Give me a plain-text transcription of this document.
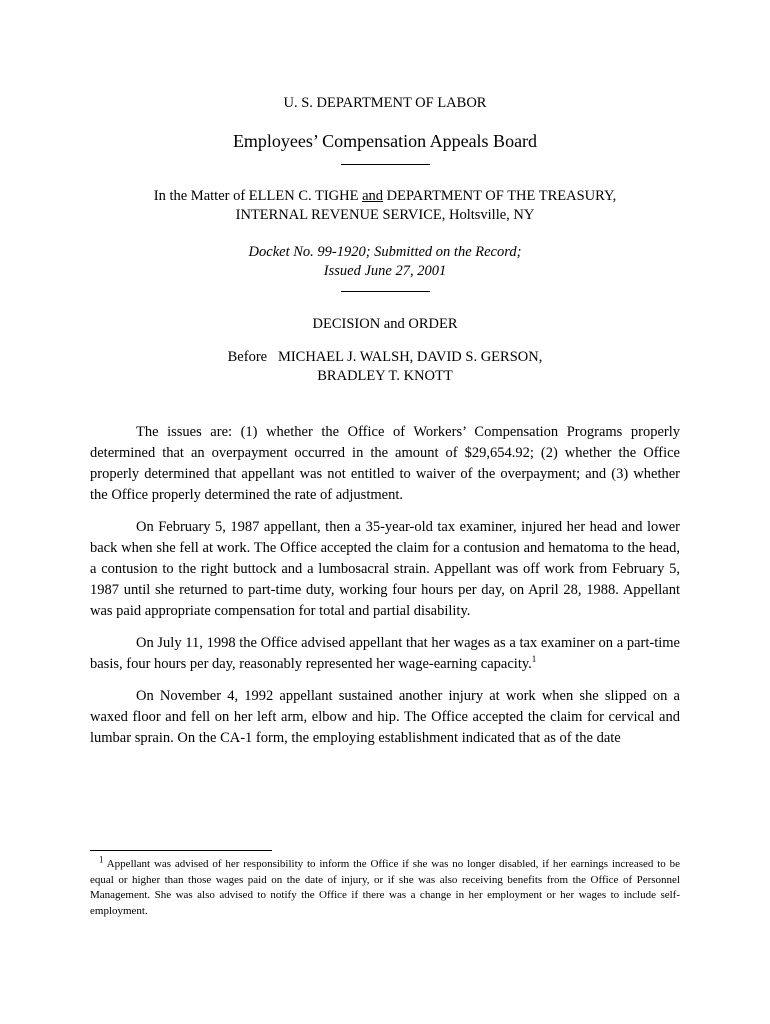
U. S. DEPARTMENT OF LABOR
Employees’ Compensation Appeals Board
In the Matter of ELLEN C. TIGHE and DEPARTMENT OF THE TREASURY,
INTERNAL REVENUE SERVICE, Holtsville, NY
Docket No. 99-1920; Submitted on the Record;
Issued June 27, 2001
DECISION and ORDER
Before   MICHAEL J. WALSH, DAVID S. GERSON,
BRADLEY T. KNOTT

The issues are: (1) whether the Office of Workers’ Compensation Programs properly determined that an overpayment occurred in the amount of $29,654.92; (2) whether the Office properly determined that appellant was not entitled to waiver of the overpayment; and (3) whether the Office properly determined the rate of adjustment.

On February 5, 1987 appellant, then a 35-year-old tax examiner, injured her head and lower back when she fell at work. The Office accepted the claim for a contusion and hematoma to the head, a contusion to the right buttock and a lumbosacral strain. Appellant was off work from February 5, 1987 until she returned to part-time duty, working four hours per day, on April 28, 1988. Appellant was paid appropriate compensation for total and partial disability.

On July 11, 1998 the Office advised appellant that her wages as a tax examiner on a part-time basis, four hours per day, reasonably represented her wage-earning capacity.$^1$

On November 4, 1992 appellant sustained another injury at work when she slipped on a waxed floor and fell on her left arm, elbow and hip. The Office accepted the claim for cervical and lumbar sprain. On the CA-1 form, the employing establishment indicated that as of the date

$^1$ Appellant was advised of her responsibility to inform the Office if she was no longer disabled, if her earnings increased to be equal or higher than those wages paid on the date of injury, or if she was also receiving benefits from the Office of Personnel Management. She was also advised to notify the Office if there was a change in her employment or her wages to include self-employment.
